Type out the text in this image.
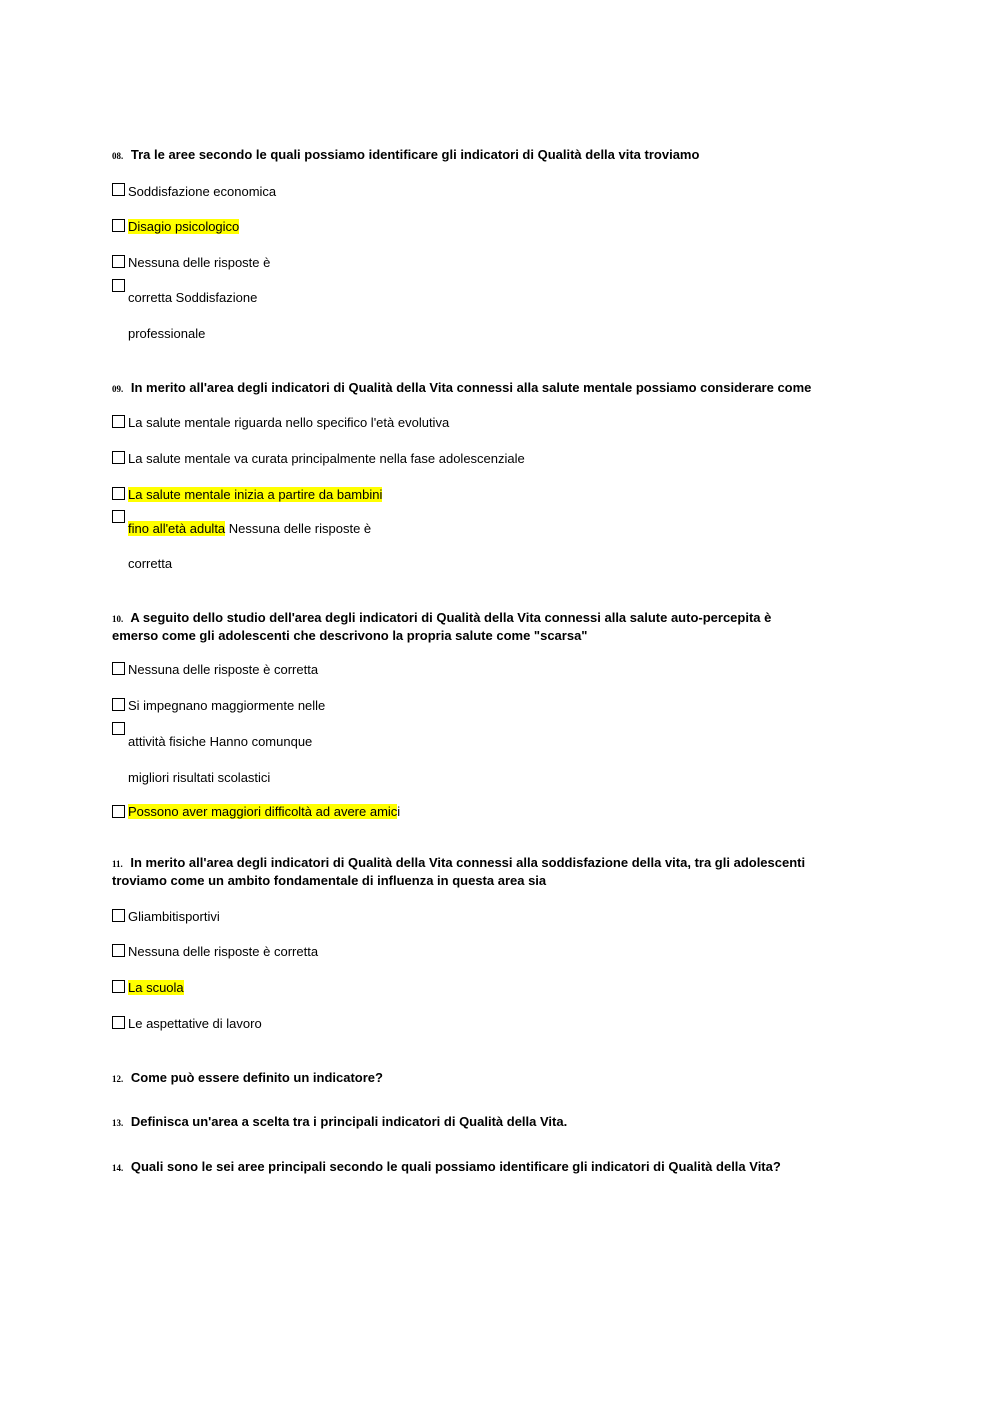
08. Tra le aree secondo le quali possiamo identificare gli indicatori di Qualità della vita troviamo
Soddisfazione economica
Disagio psicologico
Nessuna delle risposte è
corretta Soddisfazione
professionale
09. In merito all'area degli indicatori di Qualità della Vita connessi alla salute mentale possiamo considerare come
La salute mentale riguarda nello specifico l'età evolutiva
La salute mentale va curata principalmente nella fase adolescenziale
La salute mentale inizia a partire da bambini
fino all'età adulta Nessuna delle risposte è
corretta
10. A seguito dello studio dell'area degli indicatori di Qualità della Vita connessi alla salute auto-percepita è
emerso come gli adolescenti che descrivono la propria salute come "scarsa"
Nessuna delle risposte è corretta
Si impegnano maggiormente nelle
attività fisiche Hanno comunque
migliori risultati scolastici
Possono aver maggiori difficoltà ad avere amici
11. In merito all'area degli indicatori di Qualità della Vita connessi alla soddisfazione della vita, tra gli adolescenti
troviamo come un ambito fondamentale di influenza in questa area sia
Gliambitisportivi
Nessuna delle risposte è corretta
La scuola
Le aspettative di lavoro
12. Come può essere definito un indicatore?
13. Definisca un'area a scelta tra i principali indicatori di Qualità della Vita.
14. Quali sono le sei aree principali secondo le quali possiamo identificare gli indicatori di Qualità della Vita?
